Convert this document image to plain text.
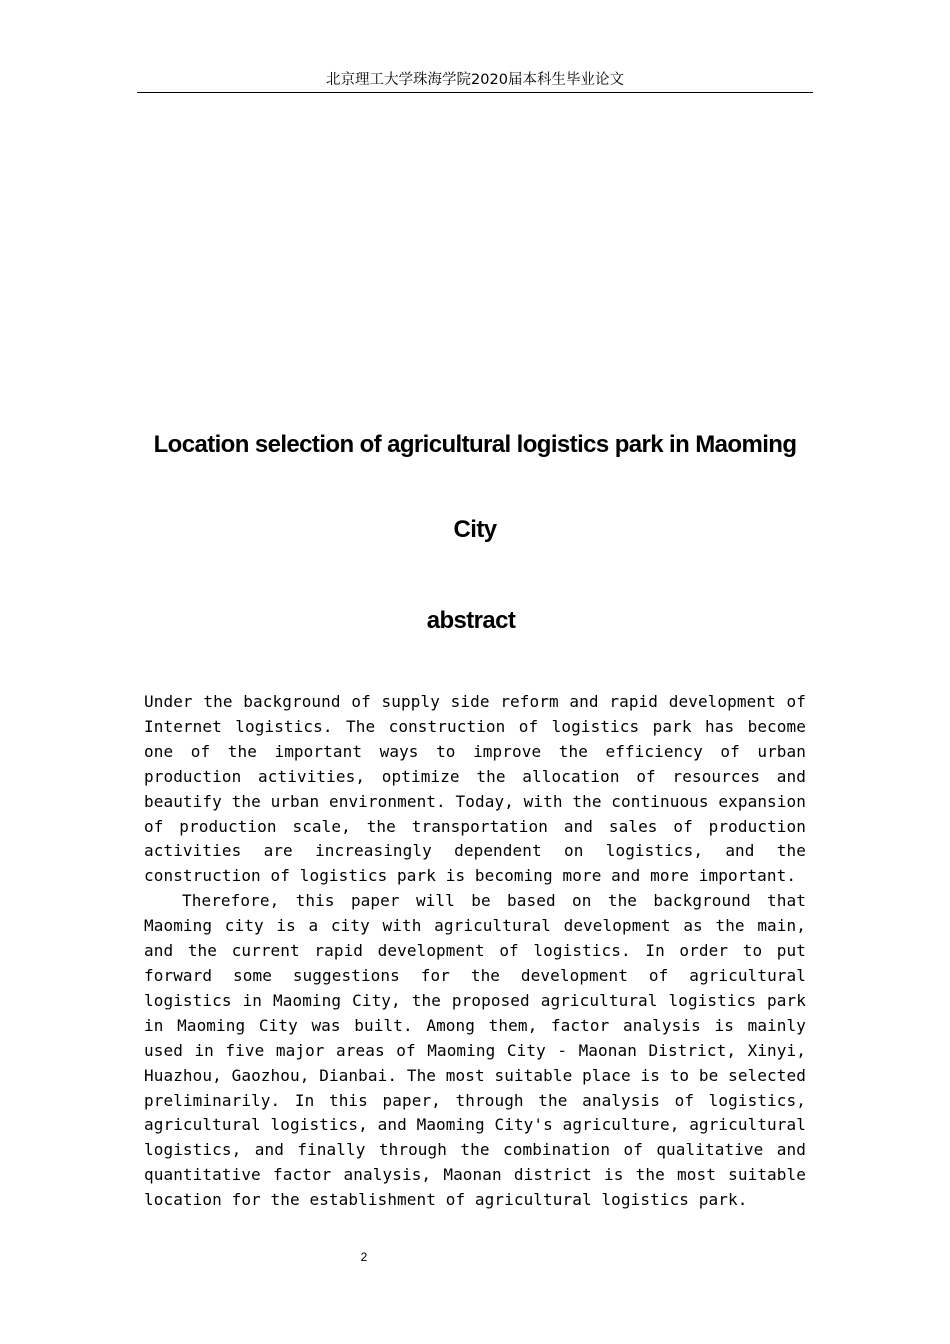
北京理工大学珠海学院2020届本科生毕业论文
Location selection of agricultural logistics park in Maoming
City
abstract

Under the background of supply side reform and rapid development of Internet logistics. The construction of logistics park has become one of the important ways to improve the efficiency of urban production activities, optimize the allocation of resources and beautify the urban environment. Today, with the continuous expansion of production scale, the transportation and sales of production activities are increasingly dependent on logistics, and the construction of logistics park is becoming more and more important.

Therefore, this paper will be based on the background that Maoming city is a city with agricultural development as the main, and the current rapid development of logistics. In order to put forward some suggestions for the development of agricultural logistics in Maoming City, the proposed agricultural logistics park in Maoming City was built. Among them, factor analysis is mainly used in five major areas of Maoming City - Maonan District, Xinyi, Huazhou, Gaozhou, Dianbai. The most suitable place is to be selected preliminarily. In this paper, through the analysis of logistics, agricultural logistics, and Maoming City's agriculture, agricultural logistics, and finally through the combination of qualitative and quantitative factor analysis, Maonan district is the most suitable location for the establishment of agricultural logistics park.

2
